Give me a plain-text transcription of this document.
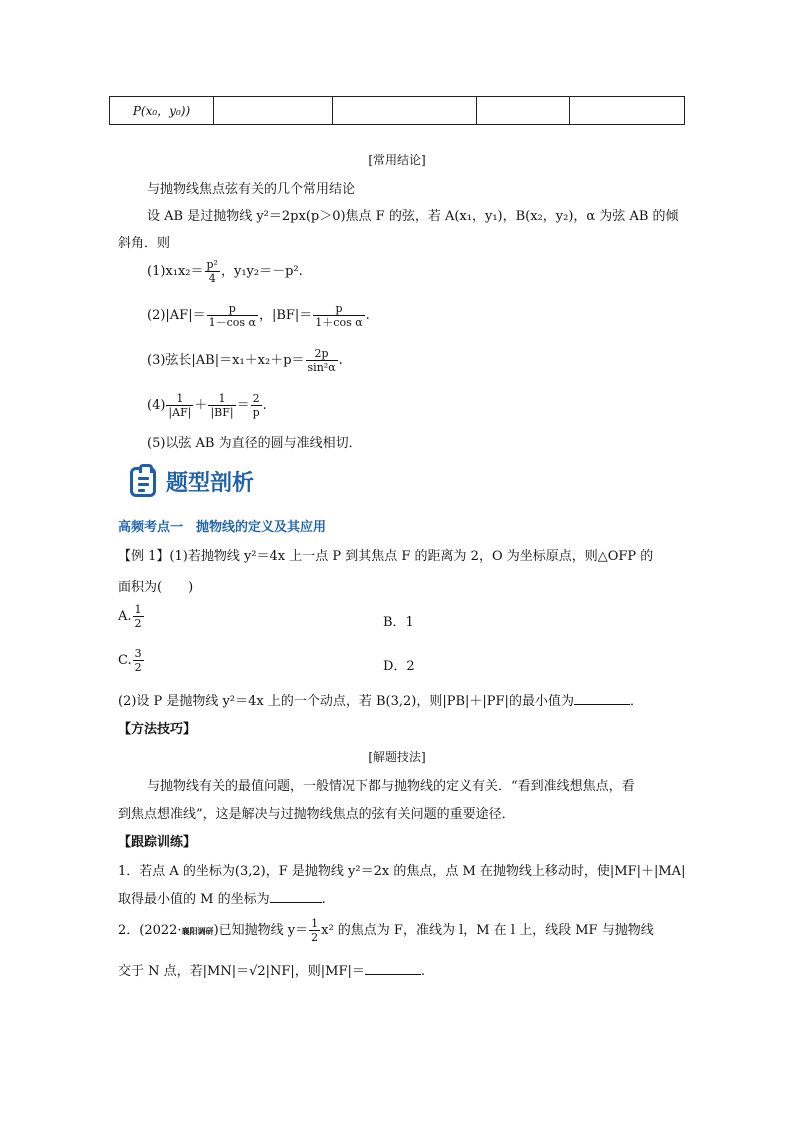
P(x₀，y₀))				
[常用结论]
与抛物线焦点弦有关的几个常用结论
设 AB 是过抛物线 y²＝2px(p＞0)焦点 F 的弦，若 A(x₁，y₁)，B(x₂，y₂)，α 为弦 AB 的倾
斜角．则
$(1)x_1x_2= \frac{\text{p²}}{4}$ ，y₁y₂＝－p².
$(2)|AF|= \frac{p}{\text{1－cos α}}$ ，$|BF|= \frac{p}{\text{1＋cos α}}$ .
(3)弦长$|AB|=x_1+x_2+p= \frac{2p}{\text{sin²α}}$ .
$(4) \frac{1}{|AF|} + \frac{1}{|BF|} = \frac{2}{p}$ .
(5)以弦 AB 为直径的圆与准线相切．
题型剖析
高频考点一　抛物线的定义及其应用
【例 1】(1)若抛物线 y²＝4x 上一点 P 到其焦点 F 的距离为 2，O 为坐标原点，则△OFP 的
面积为(　　)
A. $\frac{1}{2}$	B．1
C. $\frac{3}{2}$	D．2
(2)设 P 是抛物线 y²＝4x 上的一个动点，若 B(3,2)，则|PB|＋|PF|的最小值为	．
【方法技巧】
[解题技法]
与抛物线有关的最值问题，一般情况下都与抛物线的定义有关．“看到准线想焦点，看
到焦点想准线”，这是解决与过抛物线焦点的弦有关问题的重要途径．
【跟踪训练】
1．若点 A 的坐标为(3,2)，F 是抛物线 y²＝2x 的焦点，点 M 在抛物线上移动时，使|MF|＋|MA|
取得最小值的 M 的坐标为	.
2．(2022·襄阳调研)已知抛物线 $y= \frac{1}{2} x^2$ 的焦点为 F，准线为 l，M 在 l 上，线段 MF 与抛物线
交于 N 点，若|MN|＝√2|NF|，则|MF|＝	.
